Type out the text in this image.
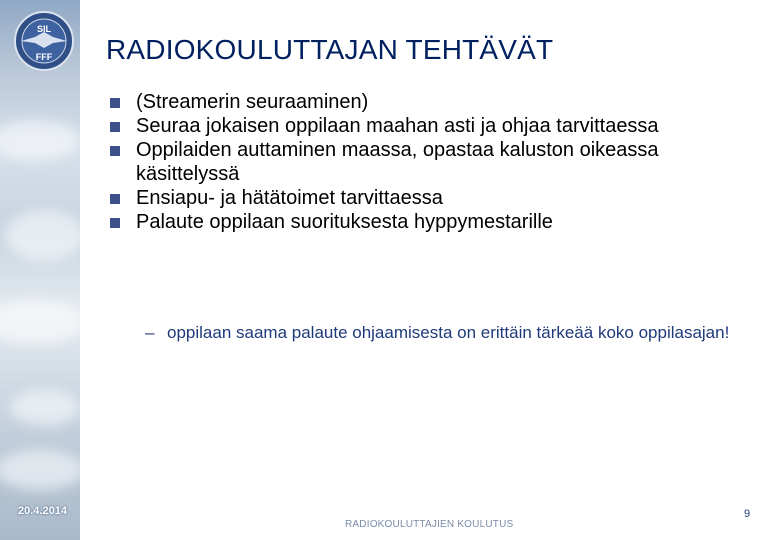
SIL
FFF RADIOKOULUTTAJAN TEHTÄVÄT
(Streamerin seuraaminen)
Seuraa jokaisen oppilaan maahan asti ja ohjaa tarvittaessa
Oppilaiden auttaminen maassa, opastaa kaluston oikeassa käsittelyssä
Ensiapu- ja hätätoimet tarvittaessa
Palaute oppilaan suorituksesta hyppymestarille
– oppilaan saama palaute ohjaamisesta on erittäin tärkeää koko oppilasajan!
20.4.2014
RADIOKOULUTTAJIEN KOULUTUS
9
